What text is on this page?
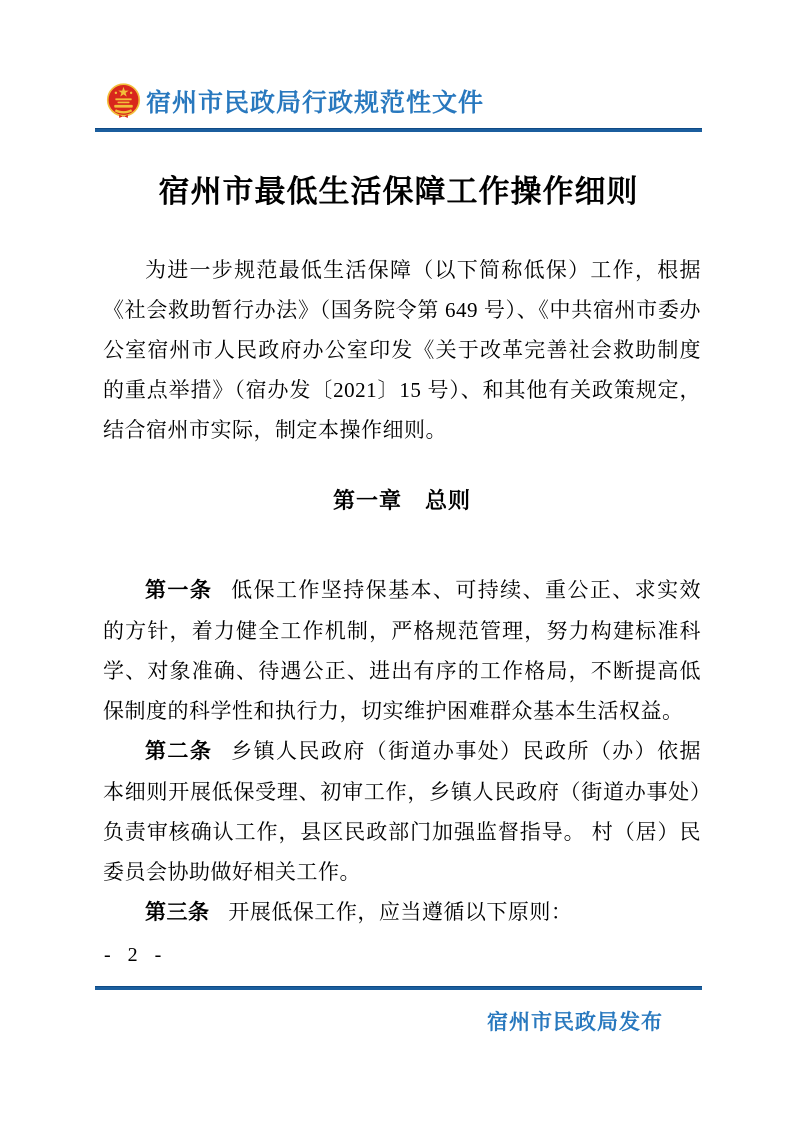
宿州市民政局行政规范性文件
宿州市最低生活保障工作操作细则

为进一步规范最低生活保障（以下简称低保）工作，根据《社会救助暂行办法》（国务院令第 649 号）、《中共宿州市委办公室宿州市人民政府办公室印发《关于改革完善社会救助制度的重点举措》（宿办发〔2021〕15 号）、和其他有关政策规定，结合宿州市实际，制定本操作细则。

第一章　总则

第一条 低保工作坚持保基本、可持续、重公正、求实效的方针，着力健全工作机制，严格规范管理，努力构建标准科学、对象准确、待遇公正、进出有序的工作格局，不断提高低保制度的科学性和执行力，切实维护困难群众基本生活权益。

第二条 乡镇人民政府（街道办事处）民政所（办）依据本细则开展低保受理、初审工作，乡镇人民政府（街道办事处）负责审核确认工作，县区民政部门加强监督指导。 村（居）民委员会协助做好相关工作。

第三条 开展低保工作，应当遵循以下原则：

- 2 -
宿州市民政局发布
